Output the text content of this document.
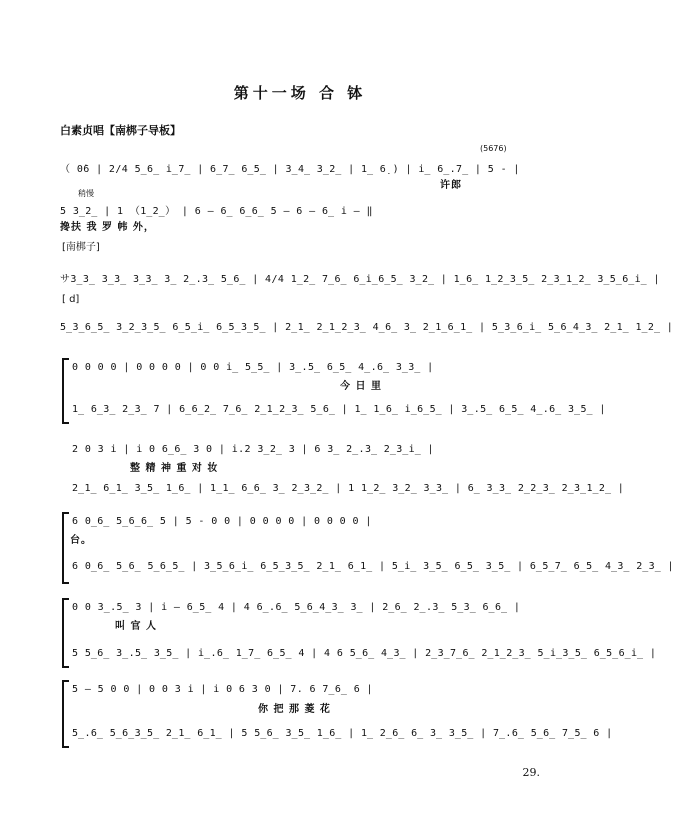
第十一场 合 钵
白素贞唱【南梆子导板】
(5676)
（ 0̇6 | 2/4 5̲6̲ i̲7̲ | 6̲7̲ 6̲5̲ | 3̲4̲ 3̲2̲ | 1̲ 6̣ ) | i̲ 6̲.7̲ | 5 - |
许郎
稍慢
5 3̲2̲ | 1 （1̲2̲） | 6 – 6̲ 6̲6̲ 5 – 6 – 6̲ i – ‖
搀扶 我 罗 帏 外，
[南梆子]
サ3̲3̲ 3̲3̲ 3̲3̲ 3̲ 2̲.3̲ 5̲6̲ | 4/4 1̲2̲ 7̲6̲ 6̲i̲6̲5̲ 3̲2̲ | 1̲6̲ 1̲2̲3̲5̲ 2̲3̲1̲2̲ 3̲5̲6̲i̲ |
[ d]
5̲3̲6̲5̲ 3̲2̲3̲5̲ 6̲5̲i̲ 6̲5̲3̲5̲ | 2̲1̲ 2̲1̲2̲3̲ 4̲6̲ 3̲ 2̲1̲6̲1̲ | 5̲3̲6̲i̲ 5̲6̲4̲3̲ 2̲1̲ 1̲2̲ |
0 0 0 0 | 0 0 0 0 | 0 0 i̲ 5̲5̲ | 3̲.5̲ 6̲5̲ 4̲.6̲ 3̲3̲ |
今 日 里
1̲ 6̲3̲ 2̲3̲ 7 | 6̲6̲2̲ 7̲6̲ 2̲1̲2̲3̲ 5̲6̲ | 1̲ 1̲6̲ i̲6̲5̲ | 3̲.5̲ 6̲5̲ 4̲.6̲ 3̲5̲ |
2 0 3 i | i 0 6̲6̲ 3 0 | i.2 3̲2̲ 3 | 6 3̲ 2̲.3̲ 2̲3̲i̲ |
整 精 神 重 对 妆
2̲1̲ 6̲1̲ 3̲5̲ 1̲6̲ | 1̲1̲ 6̲6̲ 3̲ 2̲3̲2̲ | 1 1̲2̲ 3̲2̲ 3̲3̲ | 6̲ 3̲3̲ 2̲2̲3̲ 2̲3̲1̲2̲ |
6 0̲6̲ 5̲6̲6̲ 5 | 5 - 0 0 | 0 0 0 0 | 0 0 0 0 |
台。
6 0̲6̲ 5̲6̲ 5̲6̲5̲ | 3̲5̲6̲i̲ 6̲5̲3̲5̲ 2̲1̲ 6̲1̲ | 5̲i̲ 3̲5̲ 6̲5̲ 3̲5̲ | 6̲5̲7̲ 6̲5̲ 4̲3̲ 2̲3̲ |
0 0 3̲.5̲ 3 | i – 6̲5̲ 4 | 4 6̲.6̲ 5̲6̲4̲3̲ 3̲ | 2̲6̲ 2̲.3̲ 5̲3̲ 6̲6̲ |
叫 官 人
5 5̲6̲ 3̲.5̲ 3̲5̲ | i̲.6̲ 1̲7̲ 6̲5̲ 4 | 4 6 5̲6̲ 4̲3̲ | 2̲3̲7̲6̲ 2̲1̲2̲3̲ 5̲i̲3̲5̲ 6̲5̲6̲i̲ |
5 – 5 0 0 | 0 0 3 i | i 0 6 3 0 | 7. 6 7̲6̲ 6 |
你 把 那 菱 花
5̲.6̲ 5̲6̲3̲5̲ 2̲1̲ 6̲1̲ | 5 5̲6̲ 3̲5̲ 1̲6̲ | 1̲ 2̲6̲ 6̲ 3̲ 3̲5̲ | 7̲.6̲ 5̲6̲ 7̲5̲ 6 |
29.
